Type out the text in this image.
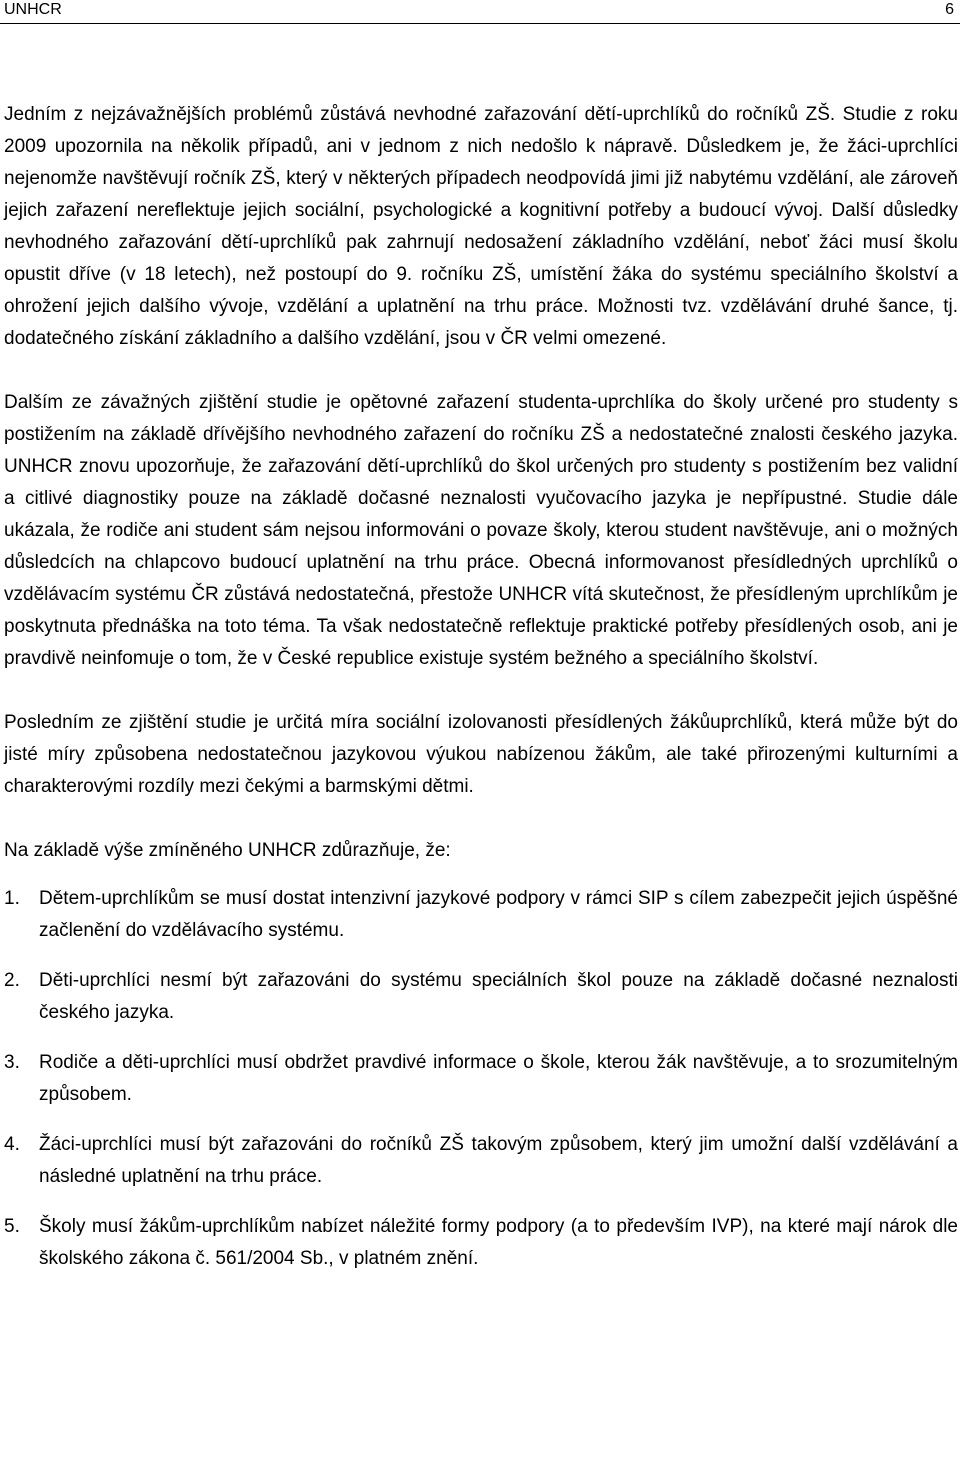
UNHCR	6

Jedním z nejzávažnějších problémů zůstává nevhodné zařazování dětí-uprchlíků do ročníků ZŠ. Studie z roku 2009 upozornila na několik případů, ani v jednom z nich nedošlo k nápravě. Důsledkem je, že žáci-uprchlíci nejenomže navštěvují ročník ZŠ, který v některých případech neodpovídá jimi již nabytému vzdělání, ale zároveň jejich zařazení nereflektuje jejich sociální, psychologické a kognitivní potřeby a budoucí vývoj. Další důsledky nevhodného zařazování dětí-uprchlíků pak zahrnují nedosažení základního vzdělání, neboť žáci musí školu opustit dříve (v 18 letech), než postoupí do 9. ročníku ZŠ, umístění žáka do systému speciálního školství a ohrožení jejich dalšího vývoje, vzdělání a uplatnění na trhu práce. Možnosti tvz. vzdělávání druhé šance, tj. dodatečného získání základního a dalšího vzdělání, jsou v ČR velmi omezené.

Dalším ze závažných zjištění studie je opětovné zařazení studenta-uprchlíka do školy určené pro studenty s postižením na základě dřívějšího nevhodného zařazení do ročníku ZŠ a nedostatečné znalosti českého jazyka. UNHCR znovu upozorňuje, že zařazování dětí-uprchlíků do škol určených pro studenty s postižením bez validní a citlivé diagnostiky pouze na základě dočasné neznalosti vyučovacího jazyka je nepřípustné. Studie dále ukázala, že rodiče ani student sám nejsou informováni o povaze školy, kterou student navštěvuje, ani o možných důsledcích na chlapcovo budoucí uplatnění na trhu práce. Obecná informovanost přesídledných uprchlíků o vzdělávacím systému ČR zůstává nedostatečná, přestože UNHCR vítá skutečnost, že přesídleným uprchlíkům je poskytnuta přednáška na toto téma. Ta však nedostatečně reflektuje praktické potřeby přesídlených osob, ani je pravdivě neinfomuje o tom, že v České republice existuje systém bežného a speciálního školství.

Posledním ze zjištění studie je určitá míra sociální izolovanosti přesídlených žákůuprchlíků, která může být do jisté míry způsobena nedostatečnou jazykovou výukou nabízenou žákům, ale také přirozenými kulturními a charakterovými rozdíly mezi čekými a barmskými dětmi.

Na základě výše zmíněného UNHCR zdůrazňuje, že:

1. Dětem-uprchlíkům se musí dostat intenzivní jazykové podpory v rámci SIP s cílem zabezpečit jejich úspěšné začlenění do vzdělávacího systému.
2. Děti-uprchlíci nesmí být zařazováni do systému speciálních škol pouze na základě dočasné neznalosti českého jazyka.
3. Rodiče a děti-uprchlíci musí obdržet pravdivé informace o škole, kterou žák navštěvuje, a to srozumitelným způsobem.
4. Žáci-uprchlíci musí být zařazováni do ročníků ZŠ takovým způsobem, který jim umožní další vzdělávání a následné uplatnění na trhu práce.
5. Školy musí žákům-uprchlíkům nabízet náležité formy podpory (a to především IVP), na které mají nárok dle školského zákona č. 561/2004 Sb., v platném znění.
